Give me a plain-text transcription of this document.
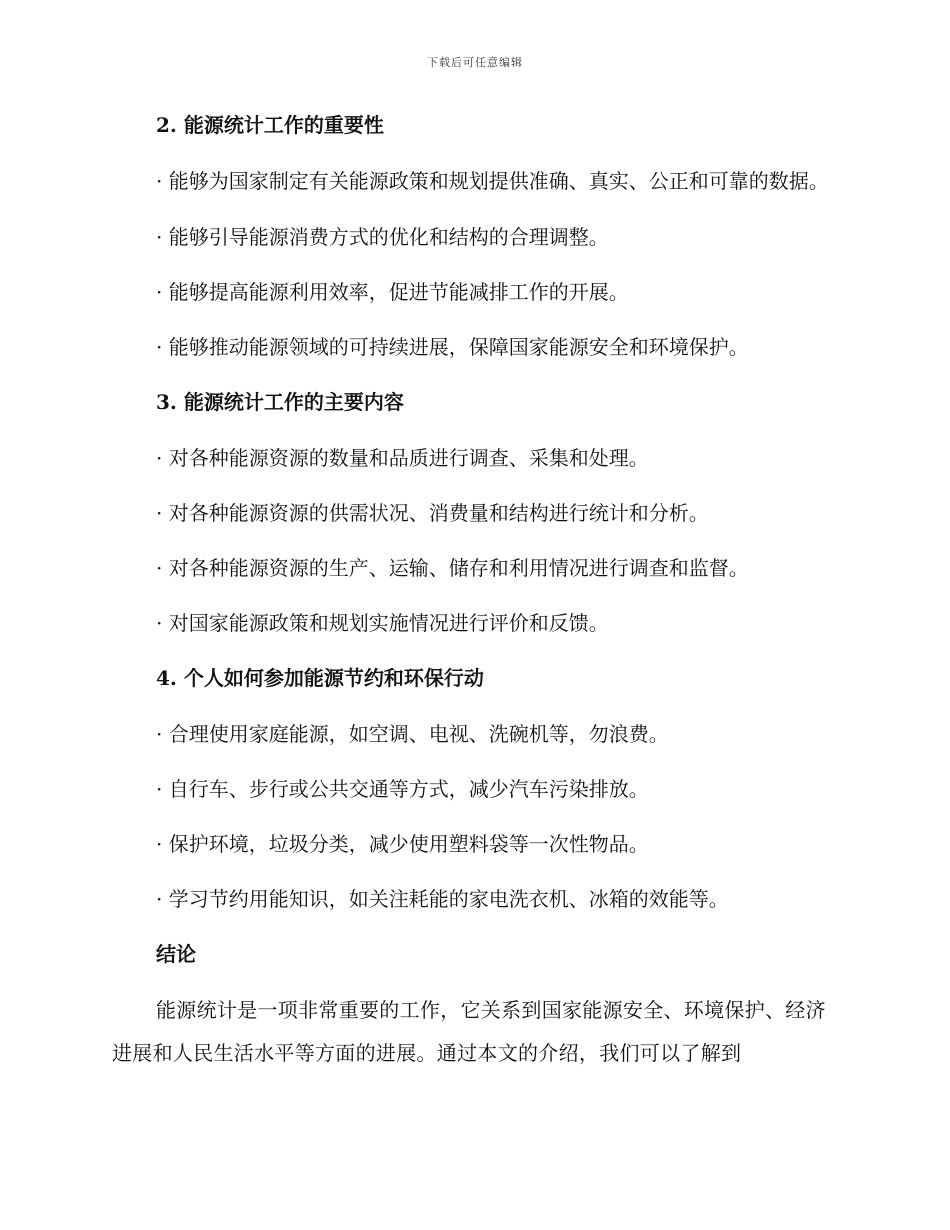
下载后可任意编辑
2. 能源统计工作的重要性
· 能够为国家制定有关能源政策和规划提供准确、真实、公正和可靠的数据。
· 能够引导能源消费方式的优化和结构的合理调整。
· 能够提高能源利用效率，促进节能减排工作的开展。
· 能够推动能源领域的可持续进展，保障国家能源安全和环境保护。
3. 能源统计工作的主要内容
· 对各种能源资源的数量和品质进行调查、采集和处理。
· 对各种能源资源的供需状况、消费量和结构进行统计和分析。
· 对各种能源资源的生产、运输、储存和利用情况进行调查和监督。
· 对国家能源政策和规划实施情况进行评价和反馈。
4. 个人如何参加能源节约和环保行动
· 合理使用家庭能源，如空调、电视、洗碗机等，勿浪费。
· 自行车、步行或公共交通等方式，减少汽车污染排放。
· 保护环境，垃圾分类，减少使用塑料袋等一次性物品。
· 学习节约用能知识，如关注耗能的家电洗衣机、冰箱的效能等。
结论
能源统计是一项非常重要的工作，它关系到国家能源安全、环境保护、经济进展和人民生活水平等方面的进展。通过本文的介绍，我们可以了解到
